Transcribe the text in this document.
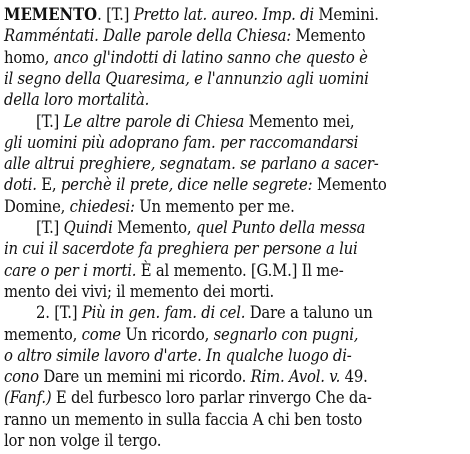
MEMENTO. [T.] Pretto lat. aureo. Imp. di Memini.
Ramméntati. Dalle parole della Chiesa: Memento
homo, anco gl'indotti di latino sanno che questo è
il segno della Quaresima, e l'annunzio agli uomini
della loro mortalità.
[T.] Le altre parole di Chiesa Memento mei,
gli uomini più adoprano fam. per raccomandarsi
alle altrui preghiere, segnatam. se parlano a sacer-
doti. E, perchè il prete, dice nelle segrete: Memento
Domine, chiedesi: Un memento per me.
[T.] Quindi Memento, quel Punto della messa
in cui il sacerdote fa preghiera per persone a lui
care o per i morti. È al memento. [G.M.] Il me-
mento dei vivi; il memento dei morti.
2. [T.] Più in gen. fam. di cel. Dare a taluno un
memento, come Un ricordo, segnarlo con pugni,
o altro simile lavoro d'arte. In qualche luogo di-
cono Dare un memini mi ricordo. Rim. Avol. v. 49.
(Fanf.) E del furbesco loro parlar rinvergo Che da-
ranno un memento in sulla faccia A chi ben tosto
lor non volge il tergo.
